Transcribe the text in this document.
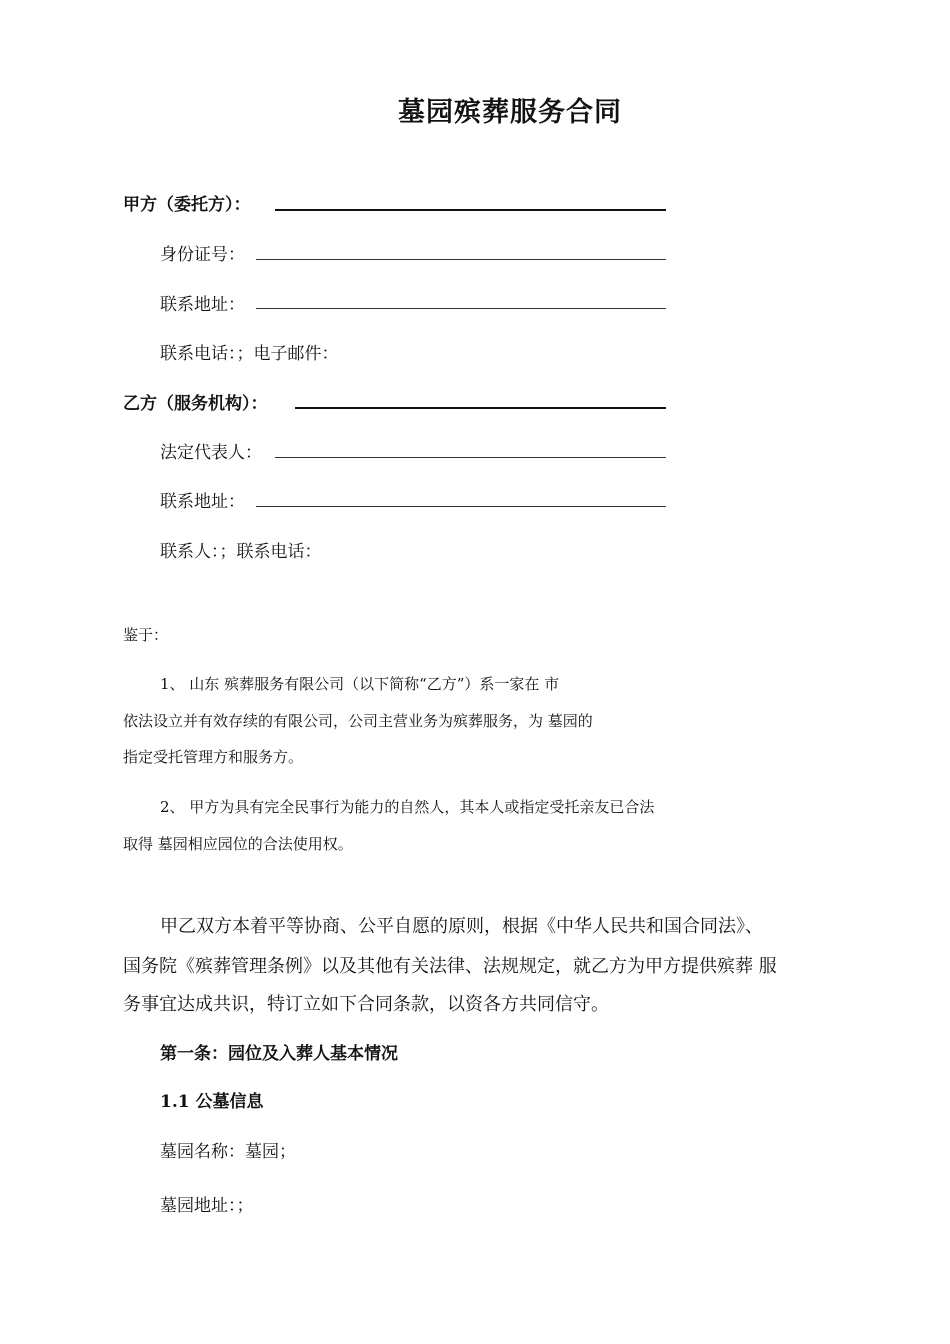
墓园殡葬服务合同
甲方（委托方）：
身份证号：
联系地址：
联系电话：；电子邮件：
乙方（服务机构）：
法定代表人：
联系地址：
联系人：；联系电话：
鉴于：
1、 山东 殡葬服务有限公司（以下简称“乙方”）系一家在 市
依法设立并有效存续的有限公司，公司主营业务为殡葬服务，为 墓园的
指定受托管理方和服务方。
2、 甲方为具有完全民事行为能力的自然人，其本人或指定受托亲友已合法
取得 墓园相应园位的合法使用权。
甲乙双方本着平等协商、公平自愿的原则，根据《中华人民共和国合同法》、
国务院《殡葬管理条例》以及其他有关法律、法规规定，就乙方为甲方提供殡葬 服
务事宜达成共识，特订立如下合同条款，以资各方共同信守。
第一条：园位及入葬人基本情况
1.1 公墓信息
墓园名称：墓园；
墓园地址：；
